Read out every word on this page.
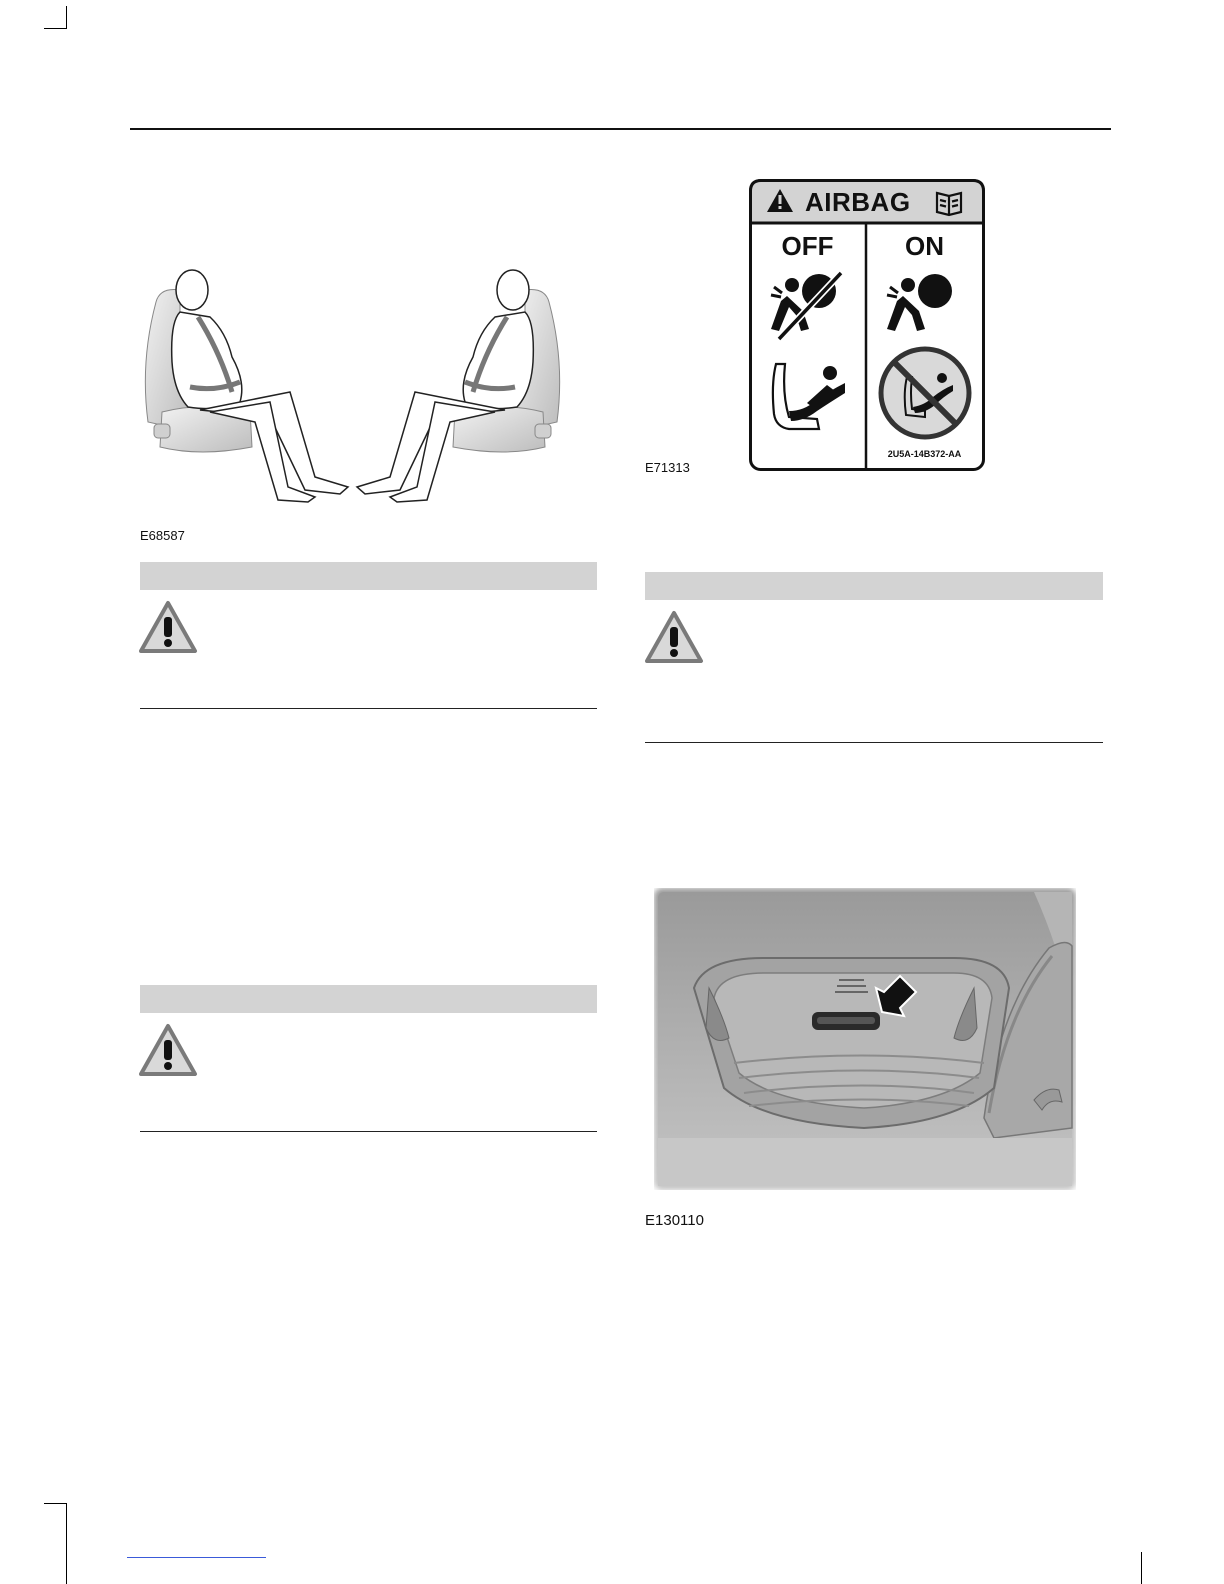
E68587
AIRBAG
OFF	ON
2U5A-14B372-AA
E71313
E130110
